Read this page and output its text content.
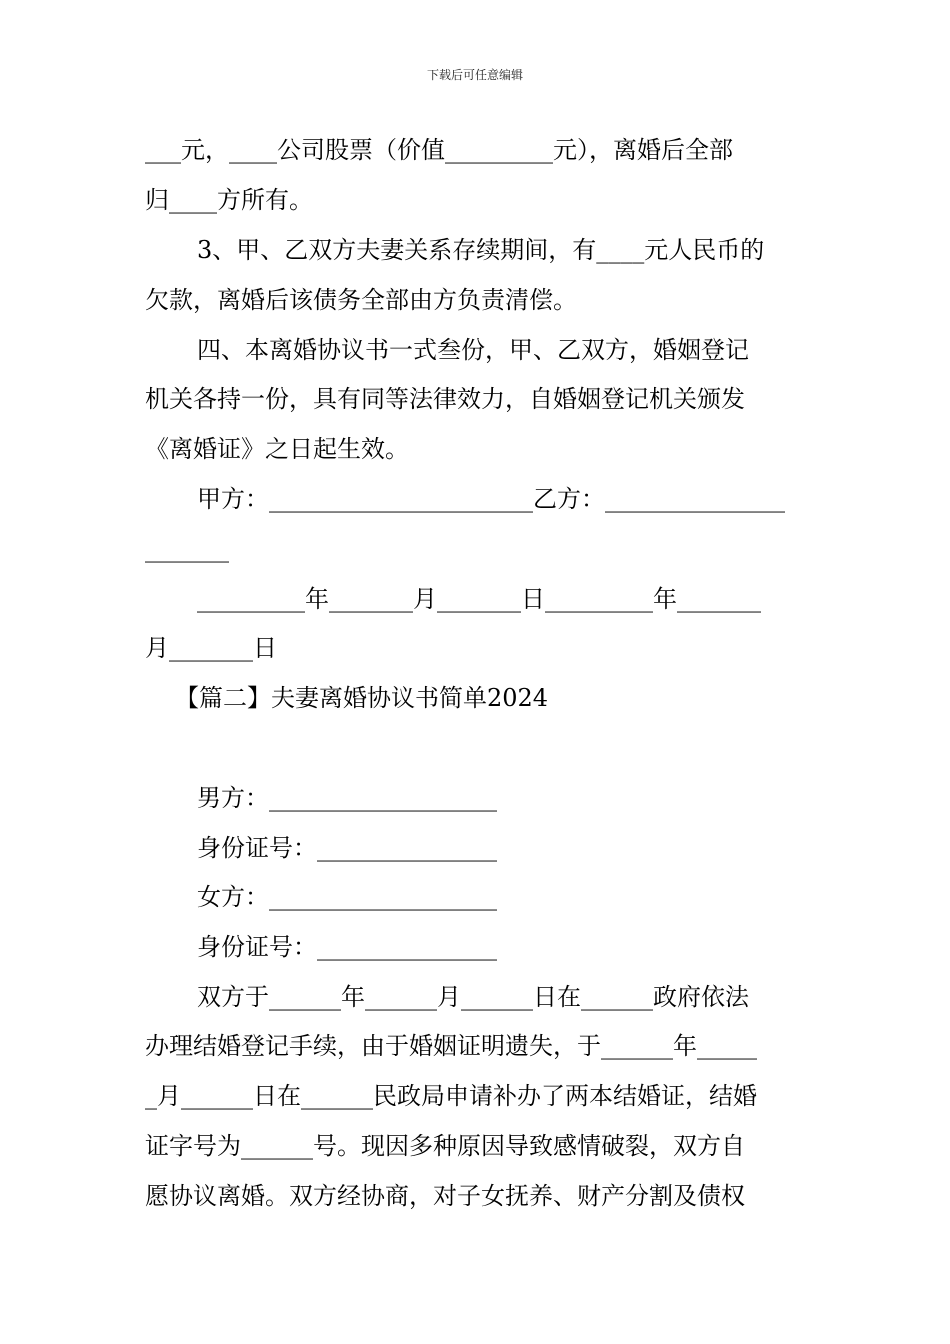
下载后可任意编辑
___元，____公司股票（价值_________元），离婚后全部
归____方所有。
3、甲、乙双方夫妻关系存续期间，有____元人民币的
欠款，离婚后该债务全部由方负责清偿。
四、本离婚协议书一式叁份，甲、乙双方，婚姻登记
机关各持一份，具有同等法律效力，自婚姻登记机关颁发
《离婚证》之日起生效。
甲方：______________________乙方：_______________
_______
_________年_______月_______日_________年_______
月_______日
【篇二】夫妻离婚协议书简单2024
男方：___________________
身份证号：_______________
女方：___________________
身份证号：_______________
双方于______年______月______日在______政府依法
办理结婚登记手续，由于婚姻证明遗失，于______年_____
_月______日在______民政局申请补办了两本结婚证，结婚
证字号为______号。现因多种原因导致感情破裂，双方自
愿协议离婚。双方经协商，对子女抚养、财产分割及债权
